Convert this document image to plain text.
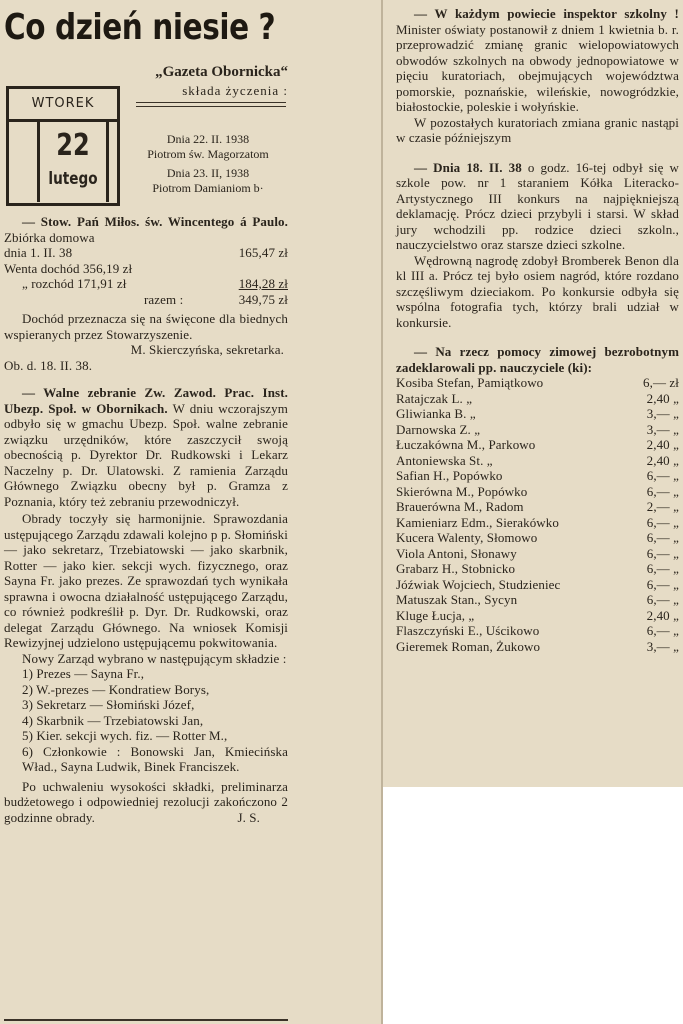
Co dzień niesie ?
„Gazeta Obornicka“
składa życzenia :
WTOREK
22
lutego
Dnia 22. II. 1938
Piotrom św. Magorzatom
Dnia 23. II, 1938
Piotrom Damianiom b·

— Stow. Pań Miłos. św. Wincentego á Paulo. Zbiórka domowa

dnia 1. II. 38	165,47 zł
Wenta dochód 356,19 zł
„ rozchód 171,91 zł	184,28 zł
razem :	349,75 zł

Dochód przeznacza się na święcone dla biednych wspieranych przez Stowarzyszenie.

M. Skierczyńska, sekretarka.

Ob. d. 18. II. 38.

— Walne zebranie Zw. Zawod. Prac. Inst. Ubezp. Społ. w Obornikach. W dniu wczorajszym odbyło się w gmachu Ubezp. Społ. walne zebranie związku urzędników, które zaszczycił swoją obecnością p. Dyrektor Dr. Rudkowski i Lekarz Naczelny p. Dr. Ulatowski. Z ramienia Zarządu Głównego Związku obecny był p. Gramza z Poznania, który też zebraniu przewodniczył.

Obrady toczyły się harmonijnie. Sprawozdania ustępującego Zarządu zdawali kolejno p p. Słomiński — jako sekretarz, Trzebiatowski — jako skarbnik, Rotter — jako kier. sekcji wych. fizycznego, oraz Sayna Fr. jako prezes. Ze sprawozdań tych wynikała sprawna i owocna działalność ustępującego Zarządu, co również podkreślił p. Dyr. Dr. Rudkowski, oraz delegat Zarządu Głównego. Na wniosek Komisji Rewizyjnej udzielono ustępującemu pokwitowania.

Nowy Zarząd wybrano w następującym składzie :

1) Prezes — Sayna Fr.,

2) W.-prezes — Kondratiew Borys,

3) Sekretarz — Słomiński Józef,

4) Skarbnik — Trzebiatowski Jan,

5) Kier. sekcji wych. fiz. — Rotter M.,

6) Członkowie : Bonowski Jan, Kmiecińska Wład., Sayna Ludwik, Binek Franciszek.

Po uchwaleniu wysokości składki, preliminarza budżetowego i odpowiedniej rezolucji zakończono 2 godzinne obrady.	J. S.

— W każdym powiecie inspektor szkolny ! Minister oświaty postanowił z dniem 1 kwietnia b. r. przeprowadzić zmianę granic wielopowiatowych obwodów szkolnych na obwody jednopowiatowe w pięciu kuratoriach, obejmujących województwa pomorskie, poznańskie, wileńskie, nowogródzkie, białostockie, poleskie i wołyńskie.

W pozostałych kuratoriach zmiana granic nastąpi w czasie późniejszym

— Dnia 18. II. 38 o godz. 16-tej odbył się w szkole pow. nr 1 staraniem Kółka Literacko-Artystycznego III konkurs na najpiękniejszą deklamację. Prócz dzieci przybyli i starsi. W skład jury wchodzili pp. rodzice dzieci szkoln., nauczycielstwo oraz starsze dzieci szkolne.

Wędrowną nagrodę zdobył Bromberek Benon dla kl III a. Prócz tej było osiem nagród, które rozdano szczęśliwym dzieciakom. Po konkursie odbyła się wspólna fotografia tych, którzy brali udział w konkursie.

— Na rzecz pomocy zimowej bezrobotnym zadeklarowali pp. nauczyciele (ki):

Kosiba Stefan, Pamiątkowo	6,— zł
Ratajczak L. „	2,40 „
Gliwianka B. „	3,— „
Darnowska Z. „	3,— „
Łuczakówna M., Parkowo	2,40 „
Antoniewska St. „	2,40 „
Safian H., Popówko	6,— „
Skierówna M., Popówko	6,— „
Brauerówna M., Radom	2,— „
Kamieniarz Edm., Sierakówko	6,— „
Kucera Walenty, Słomowo	6,— „
Viola Antoni, Słonawy	6,— „
Grabarz H., Stobnicko	6,— „
Jóźwiak Wojciech, Studzieniec	6,— „
Matuszak Stan., Sycyn	6,— „
Kluge Łucja, „	2,40 „
Flaszczyński E., Uścikowo	6,— „
Gieremek Roman, Żukowo	3,— „
